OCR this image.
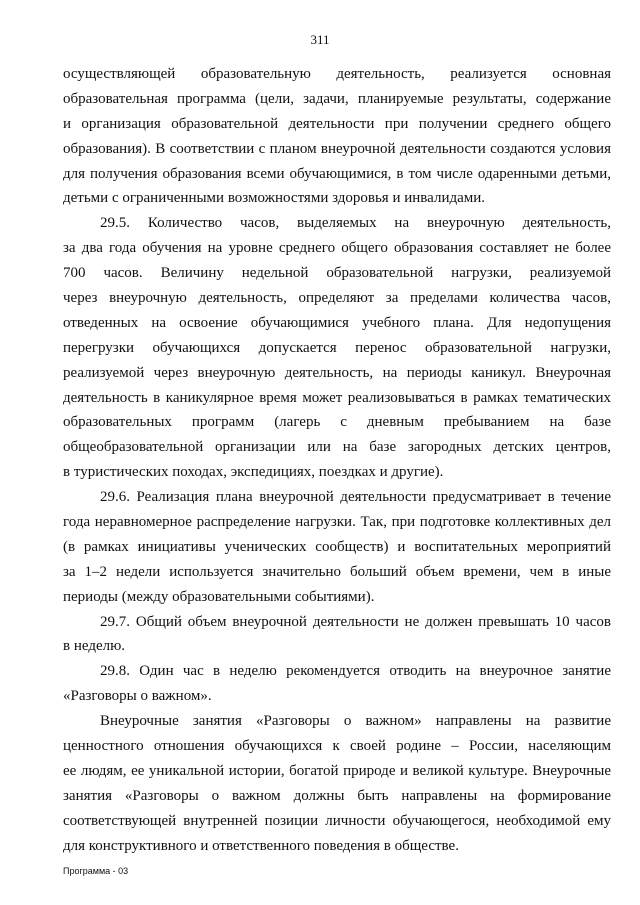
311
осуществляющей образовательную деятельность, реализуется основная
образовательная программа (цели, задачи, планируемые результаты, содержание
и организация образовательной деятельности при получении среднего общего
образования). В соответствии с планом внеурочной деятельности создаются условия
для получения образования всеми обучающимися, в том числе одаренными детьми,
детьми с ограниченными возможностями здоровья и инвалидами.
29.5. Количество часов, выделяемых на внеурочную деятельность,
за два года обучения на уровне среднего общего образования составляет не более
700 часов. Величину недельной образовательной нагрузки, реализуемой
через внеурочную деятельность, определяют за пределами количества часов,
отведенных на освоение обучающимися учебного плана. Для недопущения
перегрузки обучающихся допускается перенос образовательной нагрузки,
реализуемой через внеурочную деятельность, на периоды каникул. Внеурочная
деятельность в каникулярное время может реализовываться в рамках тематических
образовательных программ (лагерь с дневным пребыванием на базе
общеобразовательной организации или на базе загородных детских центров,
в туристических походах, экспедициях, поездках и другие).
29.6. Реализация плана внеурочной деятельности предусматривает в течение
года неравномерное распределение нагрузки. Так, при подготовке коллективных дел
(в рамках инициативы ученических сообществ) и воспитательных мероприятий
за 1–2 недели используется значительно больший объем времени, чем в иные
периоды (между образовательными событиями).
29.7. Общий объем внеурочной деятельности не должен превышать 10 часов
в неделю.
29.8. Один час в неделю рекомендуется отводить на внеурочное занятие
«Разговоры о важном».
Внеурочные занятия «Разговоры о важном» направлены на развитие
ценностного отношения обучающихся к своей родине – России, населяющим
ее людям, ее уникальной истории, богатой природе и великой культуре. Внеурочные
занятия «Разговоры о важном должны быть направлены на формирование
соответствующей внутренней позиции личности обучающегося, необходимой ему
для конструктивного и ответственного поведения в обществе.
Программа - 03
